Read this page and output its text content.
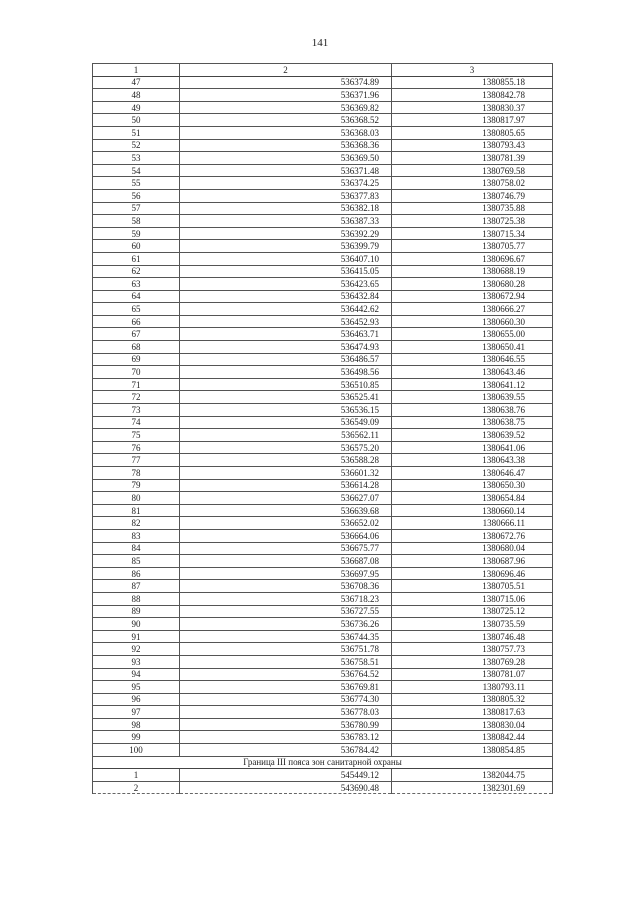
141
1	2	3
47	536374.89	1380855.18
48	536371.96	1380842.78
49	536369.82	1380830.37
50	536368.52	1380817.97
51	536368.03	1380805.65
52	536368.36	1380793.43
53	536369.50	1380781.39
54	536371.48	1380769.58
55	536374.25	1380758.02
56	536377.83	1380746.79
57	536382.18	1380735.88
58	536387.33	1380725.38
59	536392.29	1380715.34
60	536399.79	1380705.77
61	536407.10	1380696.67
62	536415.05	1380688.19
63	536423.65	1380680.28
64	536432.84	1380672.94
65	536442.62	1380666.27
66	536452.93	1380660.30
67	536463.71	1380655.00
68	536474.93	1380650.41
69	536486.57	1380646.55
70	536498.56	1380643.46
71	536510.85	1380641.12
72	536525.41	1380639.55
73	536536.15	1380638.76
74	536549.09	1380638.75
75	536562.11	1380639.52
76	536575.20	1380641.06
77	536588.28	1380643.38
78	536601.32	1380646.47
79	536614.28	1380650.30
80	536627.07	1380654.84
81	536639.68	1380660.14
82	536652.02	1380666.11
83	536664.06	1380672.76
84	536675.77	1380680.04
85	536687.08	1380687.96
86	536697.95	1380696.46
87	536708.36	1380705.51
88	536718.23	1380715.06
89	536727.55	1380725.12
90	536736.26	1380735.59
91	536744.35	1380746.48
92	536751.78	1380757.73
93	536758.51	1380769.28
94	536764.52	1380781.07
95	536769.81	1380793.11
96	536774.30	1380805.32
97	536778.03	1380817.63
98	536780.99	1380830.04
99	536783.12	1380842.44
100	536784.42	1380854.85
Граница III пояса зон санитарной охраны		
1	545449.12	1382044.75
2	543690.48	1382301.69
